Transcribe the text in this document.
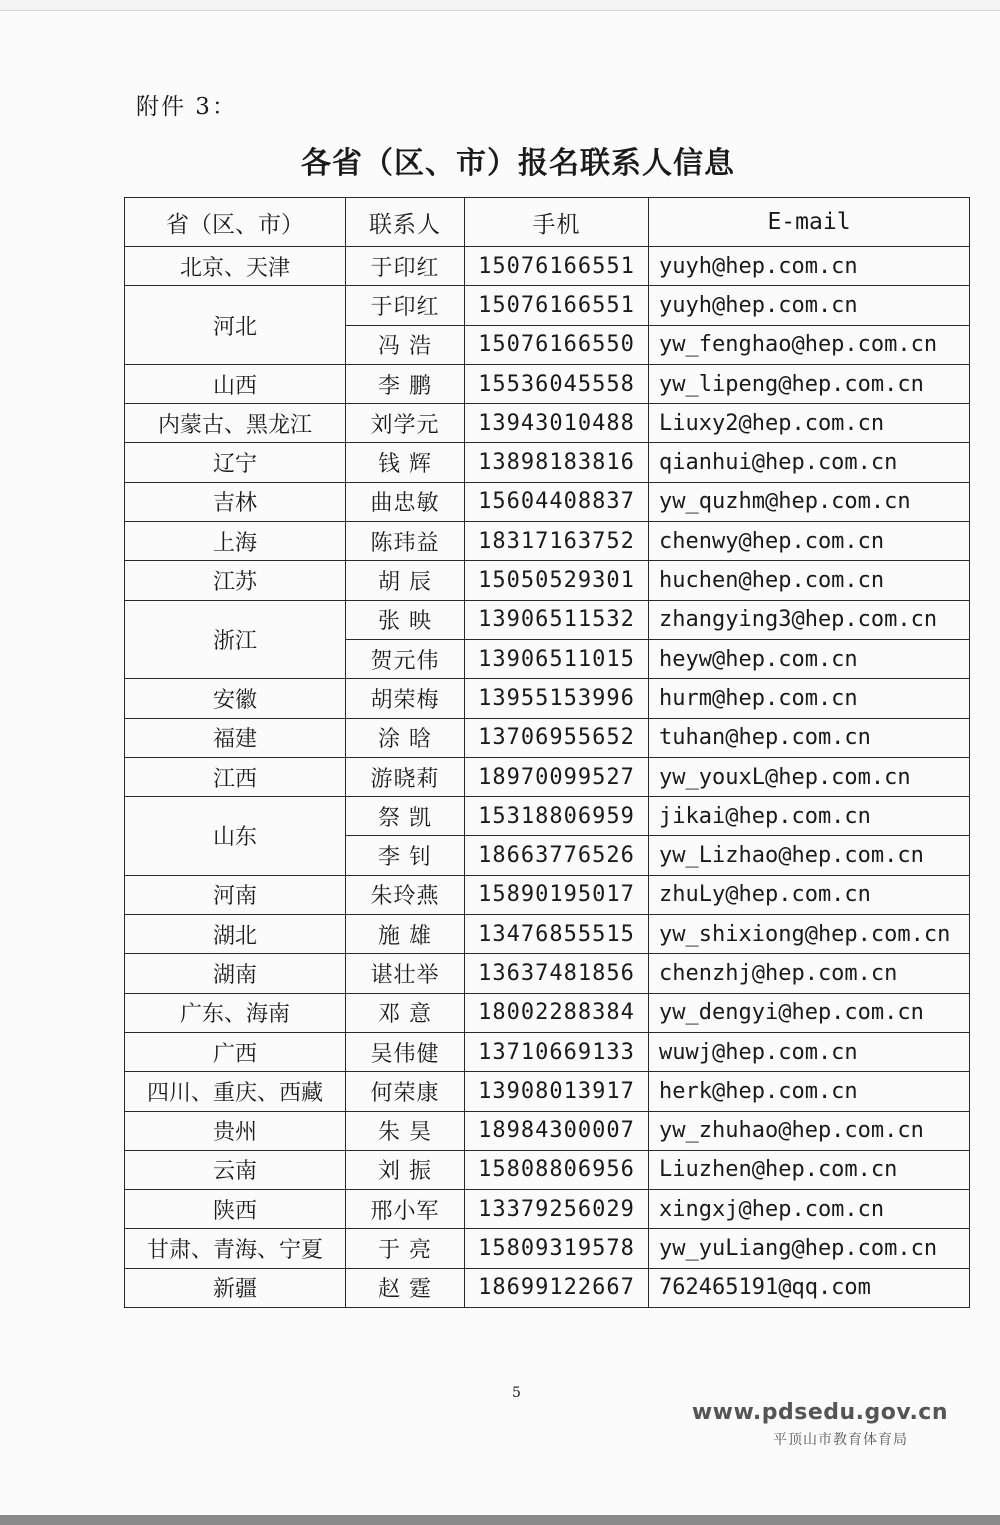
附件 3：
各省（区、市）报名联系人信息
省（区、市）	联系人	手机	E-mail
北京、天津	于印红	15076166551	yuyh@hep.com.cn
河北	于印红	15076166551	yuyh@hep.com.cn
	冯 浩	15076166550	yw_fenghao@hep.com.cn
山西	李 鹏	15536045558	yw_lipeng@hep.com.cn
内蒙古、黑龙江	刘学元	13943010488	Liuxy2@hep.com.cn
辽宁	钱 辉	13898183816	qianhui@hep.com.cn
吉林	曲忠敏	15604408837	yw_quzhm@hep.com.cn
上海	陈玮益	18317163752	chenwy@hep.com.cn
江苏	胡 辰	15050529301	huchen@hep.com.cn
浙江	张 映	13906511532	zhangying3@hep.com.cn
	贺元伟	13906511015	heyw@hep.com.cn
安徽	胡荣梅	13955153996	hurm@hep.com.cn
福建	涂 晗	13706955652	tuhan@hep.com.cn
江西	游晓莉	18970099527	yw_youxL@hep.com.cn
山东	祭 凯	15318806959	jikai@hep.com.cn
	李 钊	18663776526	yw_Lizhao@hep.com.cn
河南	朱玲燕	15890195017	zhuLy@hep.com.cn
湖北	施 雄	13476855515	yw_shixiong@hep.com.cn
湖南	谌壮举	13637481856	chenzhj@hep.com.cn
广东、海南	邓 意	18002288384	yw_dengyi@hep.com.cn
广西	吴伟健	13710669133	wuwj@hep.com.cn
四川、重庆、西藏	何荣康	13908013917	herk@hep.com.cn
贵州	朱 昊	18984300007	yw_zhuhao@hep.com.cn
云南	刘 振	15808806956	Liuzhen@hep.com.cn
陕西	邢小军	13379256029	xingxj@hep.com.cn
甘肃、青海、宁夏	于 亮	15809319578	yw_yuLiang@hep.com.cn
新疆	赵 霆	18699122667	762465191@qq.com
5
www.pdsedu.gov.cn
平顶山市教育体育局
